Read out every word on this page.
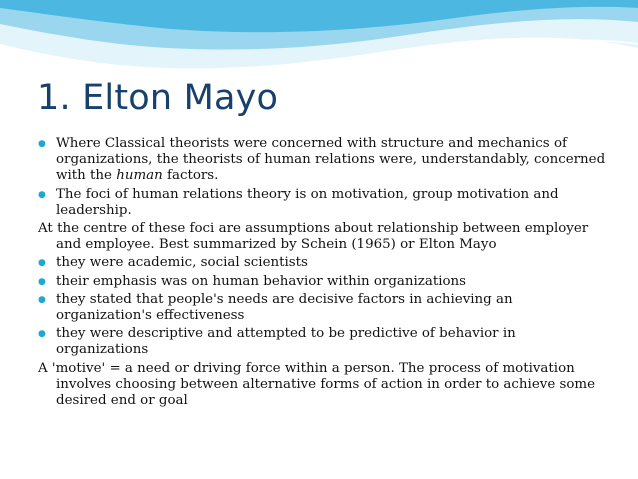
1. Elton Mayo

●Where Classical theorists were concerned with structure and mechanics of organizations, the theorists of human relations were, understandably, concerned with the human factors.

●The foci of human relations theory is on motivation, group motivation and leadership.

At the centre of these foci are assumptions about relationship between employer and employee. Best summarized by Schein (1965) or Elton Mayo

●they were academic, social scientists

●their emphasis was on human behavior within organizations

●they stated that people's needs are decisive factors in achieving an organization's effectiveness

●they were descriptive and attempted to be predictive of behavior in organizations

A 'motive' = a need or driving force within a person. The process of motivation involves choosing between alternative forms of action in order to achieve some desired end or goal
